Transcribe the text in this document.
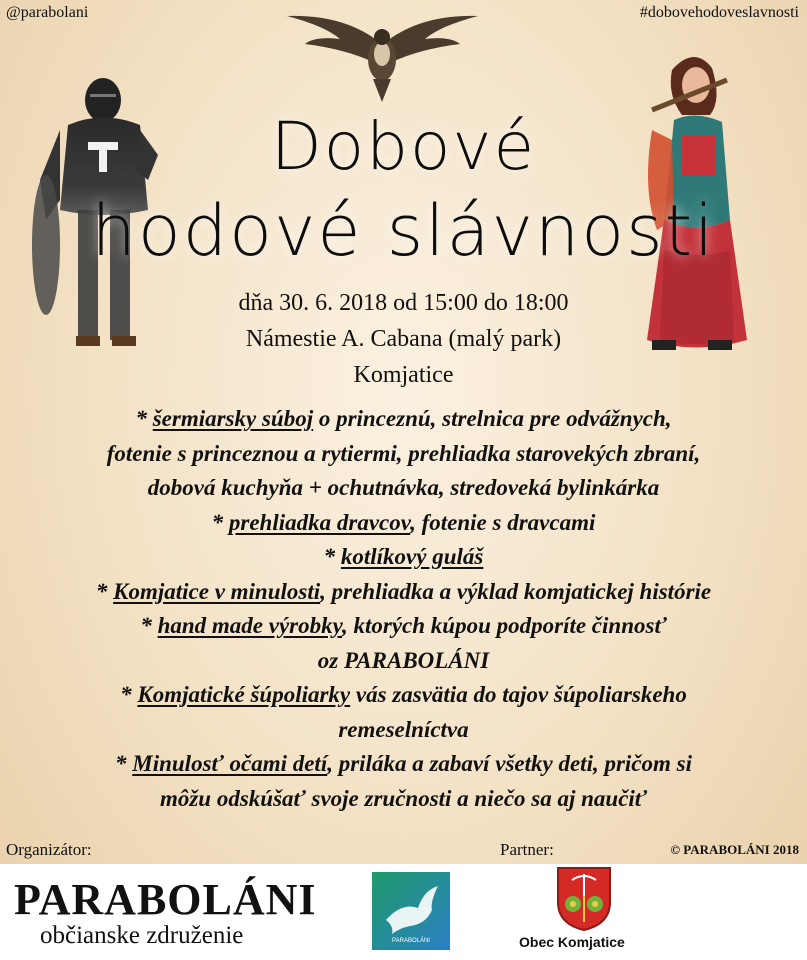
@parabolani	#dobovehodoveslavnosti
Dobové
hodové slávnosti
dňa 30. 6. 2018 od 15:00 do 18:00
Námestie A. Cabana (malý park)
Komjatice
* šermiarsky súboj o princeznú, strelnica pre odvážnych,
fotenie s princeznou a rytiermi, prehliadka starovekých zbraní,
dobová kuchyňa + ochutnávka, stredoveká bylinkárka
* prehliadka dravcov, fotenie s dravcami
* kotlíkový guláš
* Komjatice v minulosti, prehliadka a výklad komjatickej histórie
* hand made výrobky, ktorých kúpou podporíte činnosť
oz PARABOLÁNI
* Komjatické šúpoliarky vás zasvätia do tajov šúpoliarskeho
remeselníctva
* Minulosť očami detí, priláka a zabaví všetky deti, pričom si
môžu odskúšať svoje zručnosti a niečo sa aj naučiť
Organizátor:	Partner:	© PARABOLÁNI 2018
PARABOLÁNI
občianske združenie	PARABOLÁNI	Obec Komjatice
